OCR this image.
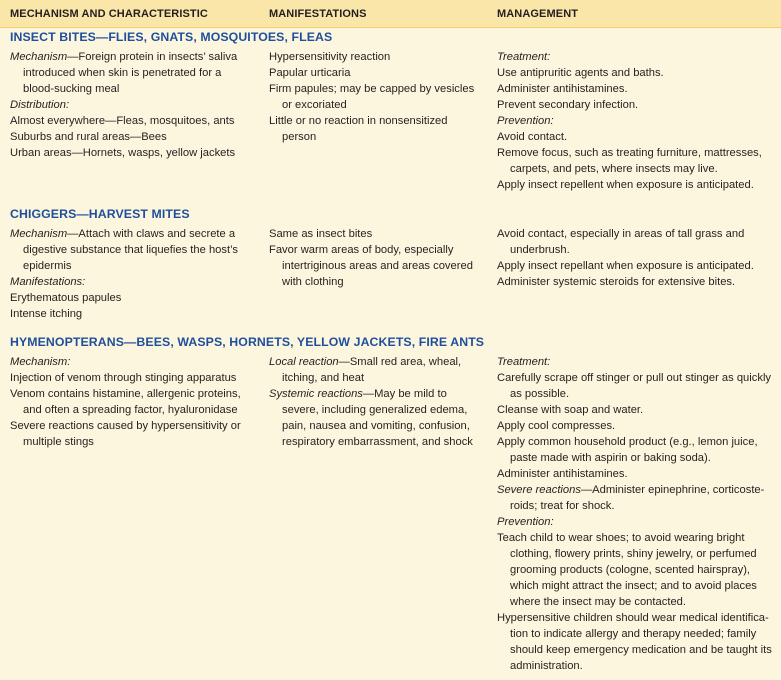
MECHANISM AND CHARACTERISTIC	MANIFESTATIONS	MANAGEMENT
INSECT BITES—FLIES, GNATS, MOSQUITOES, FLEAS
Mechanism—Foreign protein in insects’ saliva
introduced when skin is penetrated for a
blood-sucking meal
Distribution:
Almost everywhere—Fleas, mosquitoes, ants
Suburbs and rural areas—Bees
Urban areas—Hornets, wasps, yellow jackets
Hypersensitivity reaction
Papular urticaria
Firm papules; may be capped by vesicles
or excoriated
Little or no reaction in nonsensitized
person
Treatment:
Use antipruritic agents and baths.
Administer antihistamines.
Prevent secondary infection.
Prevention:
Avoid contact.
Remove focus, such as treating furniture, mattresses,
carpets, and pets, where insects may live.
Apply insect repellent when exposure is anticipated.
CHIGGERS—HARVEST MITES
Mechanism—Attach with claws and secrete a
digestive substance that liquefies the host’s
epidermis
Manifestations:
Erythematous papules
Intense itching
Same as insect bites
Favor warm areas of body, especially
intertriginous areas and areas covered
with clothing
Avoid contact, especially in areas of tall grass and
underbrush.
Apply insect repellant when exposure is anticipated.
Administer systemic steroids for extensive bites.
HYMENOPTERANS—BEES, WASPS, HORNETS, YELLOW JACKETS, FIRE ANTS
Mechanism:
Injection of venom through stinging apparatus
Venom contains histamine, allergenic proteins,
and often a spreading factor, hyaluronidase
Severe reactions caused by hypersensitivity or
multiple stings
Local reaction—Small red area, wheal,
itching, and heat
Systemic reactions—May be mild to
severe, including generalized edema,
pain, nausea and vomiting, confusion,
respiratory embarrassment, and shock
Treatment:
Carefully scrape off stinger or pull out stinger as quickly
as possible.
Cleanse with soap and water.
Apply cool compresses.
Apply common household product (e.g., lemon juice,
paste made with aspirin or baking soda).
Administer antihistamines.
Severe reactions—Administer epinephrine, corticoste-
roids; treat for shock.
Prevention:
Teach child to wear shoes; to avoid wearing bright
clothing, flowery prints, shiny jewelry, or perfumed
grooming products (cologne, scented hairspray),
which might attract the insect; and to avoid places
where the insect may be contacted.
Hypersensitive children should wear medical identifica-
tion to indicate allergy and therapy needed; family
should keep emergency medication and be taught its
administration.
